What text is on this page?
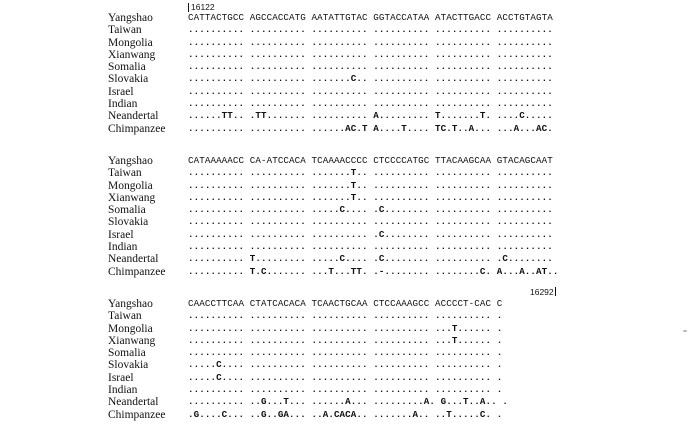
16122
Yangshao	CATTACTGCC AGCCACCATG AATATTGTAC GGTACCATAA ATACTTGACC ACCTGTAGTA
Taiwan	.......... .......... .......... .......... .......... ..........
Mongolia	.......... .......... .......... .......... .......... ..........
Xianwang	.......... .......... .......... .......... .......... ..........
Somalia	.......... .......... .......... .......... .......... ..........
Slovakia	.......... .......... .......C.. .......... .......... ..........
Israel	.......... .......... .......... .......... .......... ..........
Indian	.......... .......... .......... .......... .......... ..........
Neandertal	......TT.. .TT....... .......... A......... T.......T. ....C.....
Chimpanzee	.......... .......... ......AC.T A....T.... TC.T..A... ...A...AC.
Yangshao	CATAAAAACC CA-ATCCACA TCAAAACCCC CTCCCCATGC TTACAAGCAA GTACAGCAAT
Taiwan	.......... .......... .......T.. .......... .......... ..........
Mongolia	.......... .......... .......T.. .......... .......... ..........
Xianwang	.......... .......... .......T.. .......... .......... ..........
Somalia	.......... .......... .....C.... .C........ .......... ..........
Slovakia	.......... .......... .......... .......... .......... ..........
Israel	.......... .......... .......... .C........ .......... ..........
Indian	.......... .......... .......... .......... .......... ..........
Neandertal	.......... T......... .....C.... .C........ .......... .C........
Chimpanzee	.......... T.C....... ...T...TT. .-........ ........C. A...A..AT..
16292
Yangshao	CAACCTTCAA CTATCACACA TCAACTGCAA CTCCAAAGCC ACCCCT-CAC C
Taiwan	.......... .......... .......... .......... .......... .
Mongolia	.......... .......... .......... .......... ...T...... .
Xianwang	.......... .......... .......... .......... ...T...... .
Somalia	.......... .......... .......... .......... .......... .
Slovakia	.....C.... .......... .......... .......... .......... .
Israel	.....C.... .......... .......... .......... .......... .
Indian	.......... .......... .......... .......... .......... .
Neandertal	.......... ..G...T... ......A... .........A. G...T..A.. .
Chimpanzee	.G....C... ..G..GA... ..A.CACA.. .......A.. ..T.....C. .
